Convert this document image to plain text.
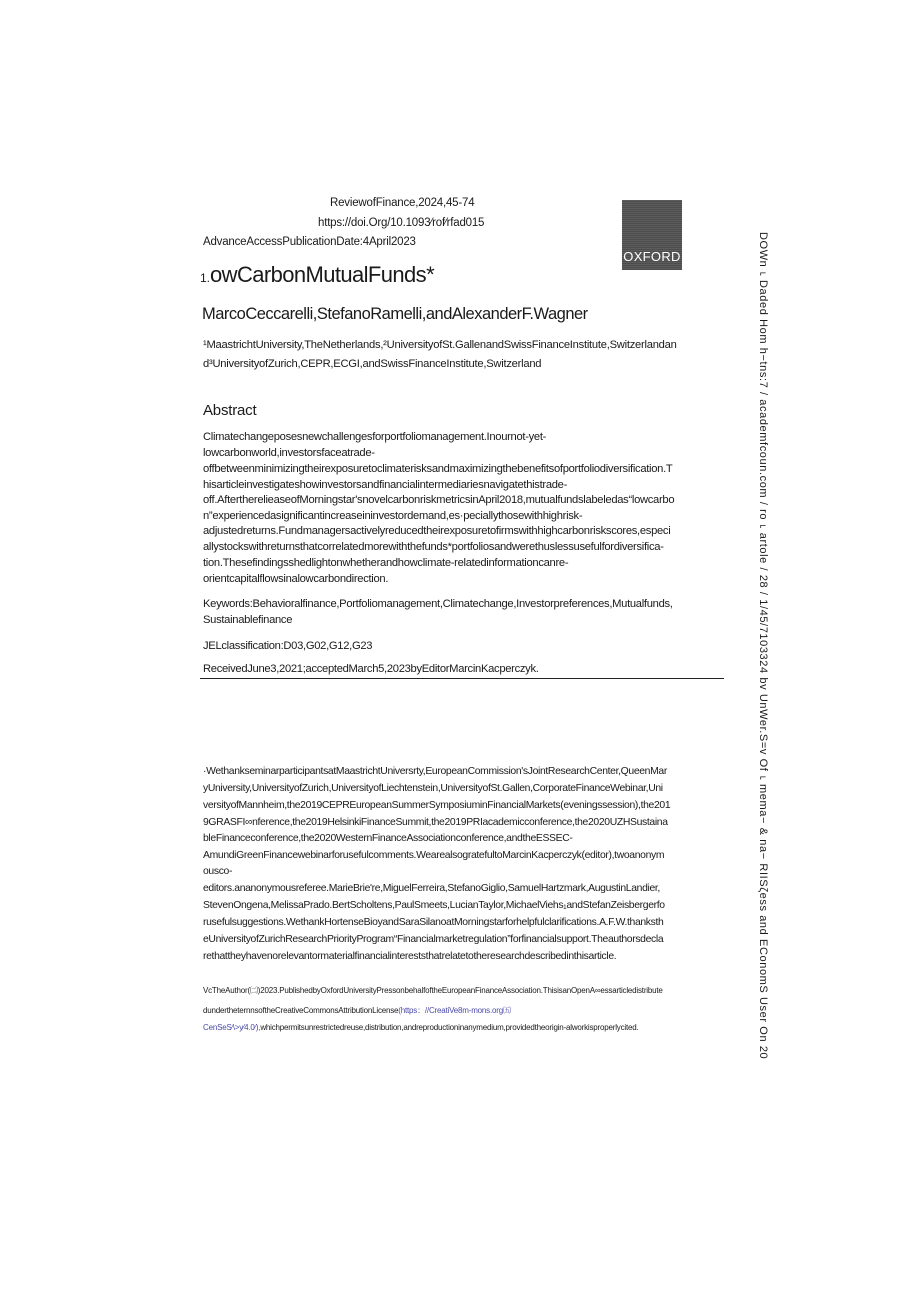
ReviewofFinance,2024,45-74
https://doi.Org/10.1093⁄rof⁄rfad015
AdvanceAccessPublicationDate:4April2023
OXFORD
1.owCarbonMutualFunds*
MarcoCeccarelli,StefanoRamelli,andAlexanderF.Wagner
¹MaastrichtUniversity,TheNetherlands,²UniversityofSt.GallenandSwissFinanceInstitute,Switzerlandan
d³UniversityofZurich,CEPR,ECGI,andSwissFinanceInstitute,Switzerland
Abstract
Climatechangeposesnewchallengesforportfoliomanagement.Inournot-yet-
lowcarbonworld,investorsfaceatrade-
offbetweenminimizingtheirexposuretoclimaterisksandmaximizingthebenefitsofportfoliodiversification.T
hisarticleinvestigateshowinvestorsandfinancialintermediariesnavigatethistrade-
off.AftertherelieaseofMorningstar'snovelcarbonriskmetricsinApril2018,mutualfundslabeledas“lowcarbo
n”experiencedasignificantincreaseininvestordemand,es·peciallythosewithhighrisk-
adjustedreturns.Fundmanagersactivelyreducedtheirexposuretofirmswithhighcarbonriskscores,especi
allystockswithreturnsthatcorrelatedmorewiththefunds*portfoliosandwerethuslessusefulfordiversifica-
tion.Thesefindingsshedlightonwhetherandhowclimate-relatedinformationcanre-
orientcapitalflowsinalowcarbondirection.
Keywords:Behavioralfinance,Portfoliomanagement,Climatechange,Investorpreferences,Mutualfunds,
Sustainablefinance
JELclassification:D03,G02,G12,G23
ReceivedJune3,2021;acceptedMarch5,2023byEditorMarcinKacperczyk.
·WethankseminarparticipantsatMaastrichtUniversrty,EuropeanCommission'sJointResearchCenter,QueenMar
yUniversity,UniversityofZurich,UniversityofLiechtenstein,UniversityofSt.Gallen,CorporateFinanceWebinar,Uni
versityofMannheim,the2019CEPREuropeanSummerSymposiuminFinancialMarkets(eveningssession),the201
9GRASFI∞nference,the2019HelsinkiFinanceSummit,the2019PRIacademicconference,the2020UZHSustaina
bleFinanceconference,the2020WesternFinanceAssociationconference,andtheESSEC-
AmundiGreenFinancewebinarforusefulcomments.WearealsogratefultoMarcinKacperczyk(editor),twoanonym
ousco-
editors.ananonymousreferee.MarieBrie're,MiguelFerreira,StefanoGiglio,SamuelHartzmark,AugustinLandier,
StevenOngena,MelissaPrado.BertScholtens,PaulSmeets,LucianTaylor,MichaelViehs₁andStefanZeisbergerfo
rusefulsuggestions.WethankHortenseBioyandSaraSilanoatMorningstarforhelpfulclarifications.A.F.W.thanksth
eUniversityofZurichResearchPriorityProgram“Financialmarketregulation”forfinancialsupport.Theauthorsdecla
rethattheyhavenorelevantormaterialfinancialintereststhatrelatetotheresearchdescribedinthisarticle.
VcTheAuthor(㈡)2023.PublishedbyOxfordUniversityPressonbehalfoftheEuropeanFinanceAssociation.ThisisanOpenA∞essarticledistribute
dundertheternnsoftheCreativeCommonsAttributionLicense(https：//CreatiVe8m-mons.org㈤
CenSeS⁄\>y⁄4.0⁄),whichpermitsunrestrictedreuse,distribution,andreproductioninanymedium,providedtheorigin-alworkisproperlycited.	DOWn⌐Daded Hom h−tns:7 / academfcoun.com / rο⌐artole / 28 / 1/45/7103324 bv UnWer.S=v Of⌐mema− & na− RIISζess and EConomS User On 20
